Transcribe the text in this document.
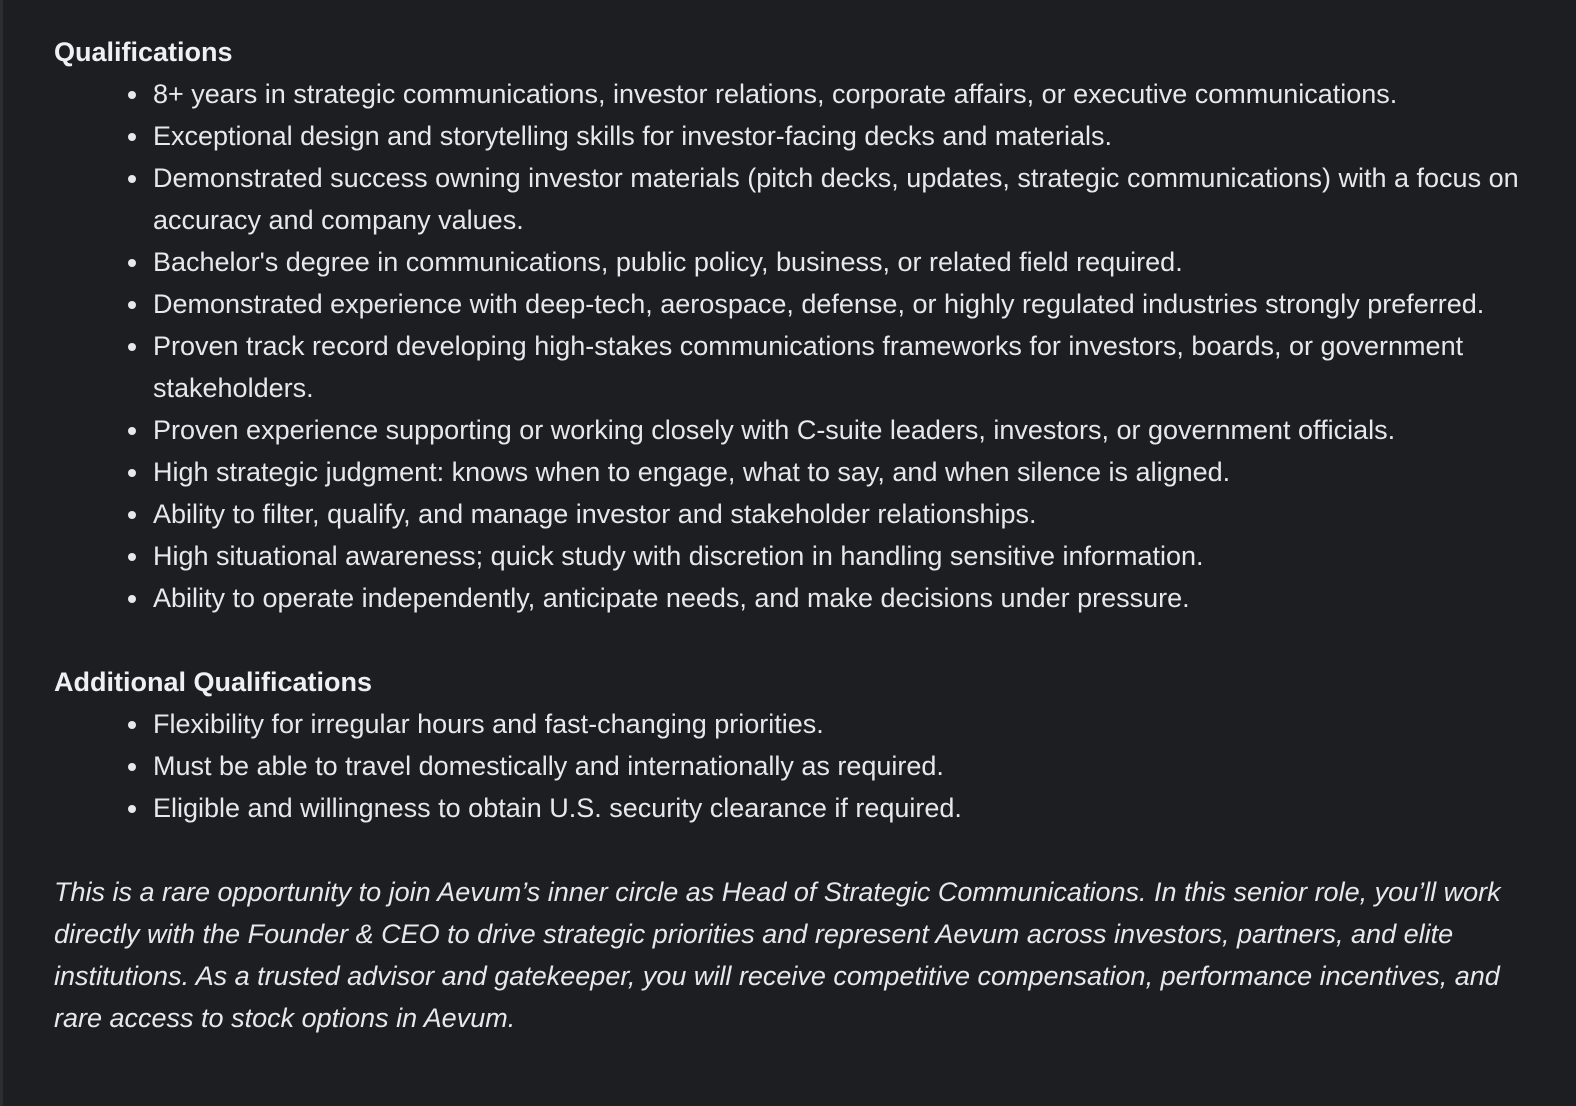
Qualifications
8+ years in strategic communications, investor relations, corporate affairs, or executive communications.
Exceptional design and storytelling skills for investor-facing decks and materials.
Demonstrated success owning investor materials (pitch decks, updates, strategic communications) with a focus on accuracy and company values.
Bachelor's degree in communications, public policy, business, or related field required.
Demonstrated experience with deep-tech, aerospace, defense, or highly regulated industries strongly preferred.
Proven track record developing high-stakes communications frameworks for investors, boards, or government stakeholders.
Proven experience supporting or working closely with C-suite leaders, investors, or government officials.
High strategic judgment: knows when to engage, what to say, and when silence is aligned.
Ability to filter, qualify, and manage investor and stakeholder relationships.
High situational awareness; quick study with discretion in handling sensitive information.
Ability to operate independently, anticipate needs, and make decisions under pressure.
Additional Qualifications
Flexibility for irregular hours and fast-changing priorities.
Must be able to travel domestically and internationally as required.
Eligible and willingness to obtain U.S. security clearance if required.

This is a rare opportunity to join Aevum’s inner circle as Head of Strategic Communications. In this senior role, you’ll work directly with the Founder & CEO to drive strategic priorities and represent Aevum across investors, partners, and elite institutions. As a trusted advisor and gatekeeper, you will receive competitive compensation, performance incentives, and rare access to stock options in Aevum.
